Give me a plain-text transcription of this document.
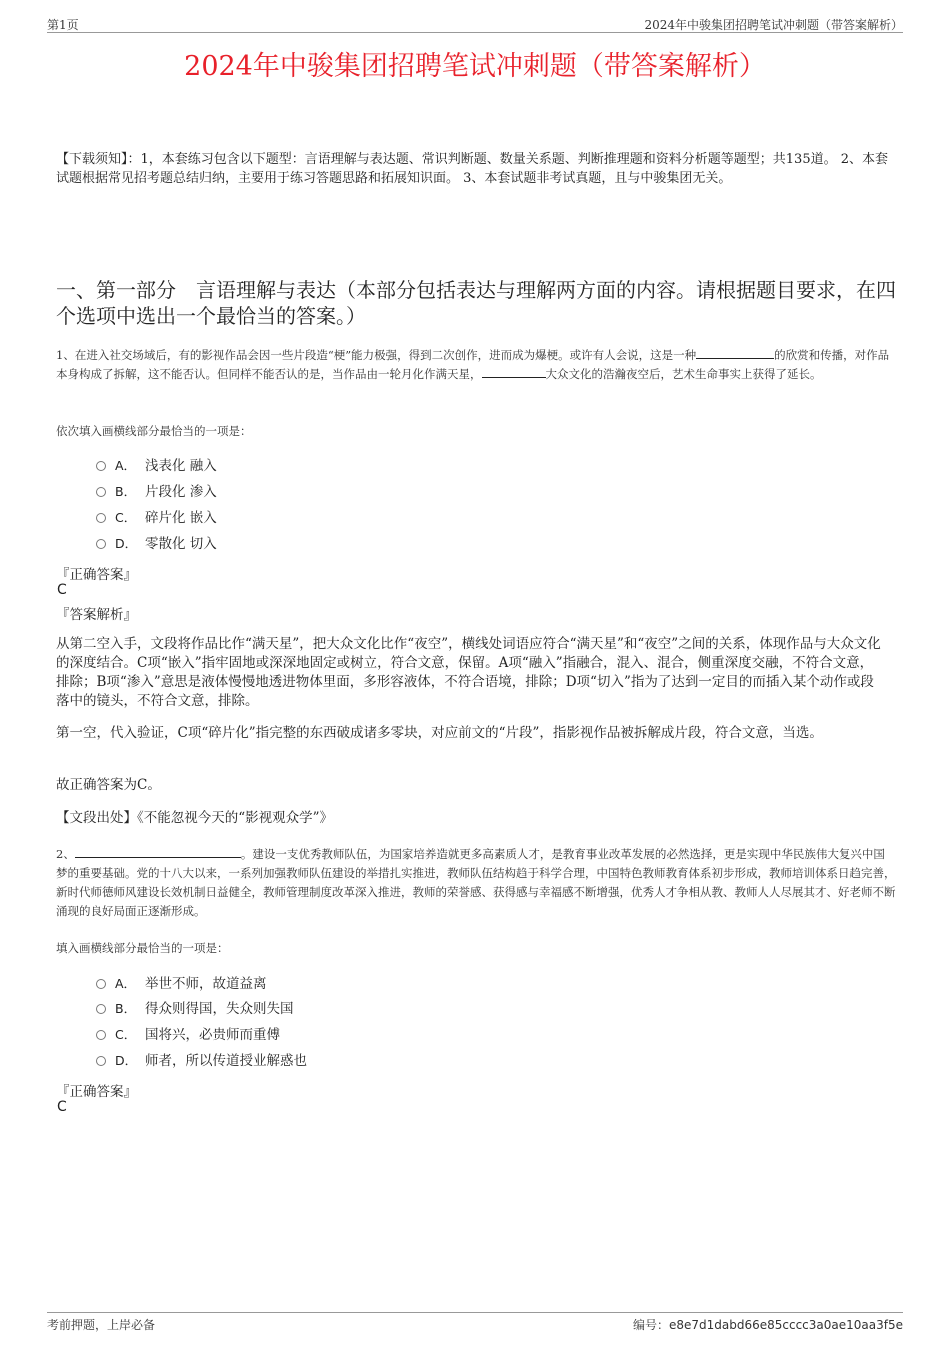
第1页	2024年中骏集团招聘笔试冲刺题（带答案解析）
2024年中骏集团招聘笔试冲刺题（带答案解析）
【下载须知】：1，本套练习包含以下题型：言语理解与表达题、常识判断题、数量关系题、判断推理题和资料分析题等题型；共135道。 2、本套试题根据常见招考题总结归纳，主要用于练习答题思路和拓展知识面。 3、本套试题非考试真题，且与中骏集团无关。
一、第一部分　言语理解与表达（本部分包括表达与理解两方面的内容。请根据题目要求，在四个选项中选出一个最恰当的答案。）
1、在进入社交场域后，有的影视作品会因一些片段造“梗”能力极强，得到二次创作，进而成为爆梗。或许有人会说，这是一种	的欣赏和传播，对作品本身构成了拆解，这不能否认。但同样不能否认的是，当作品由一轮月化作满天星，	大众文化的浩瀚夜空后，艺术生命事实上获得了延长。
依次填入画横线部分最恰当的一项是：
A． 浅表化 融入
B． 片段化 渗入
C． 碎片化 嵌入
D． 零散化 切入
『正确答案』
C
『答案解析』
从第二空入手，文段将作品比作“满天星”，把大众文化比作“夜空”，横线处词语应符合“满天星”和“夜空”之间的关系，体现作品与大众文化的深度结合。C项“嵌入”指牢固地或深深地固定或树立，符合文意，保留。A项“融入”指融合，混入、混合，侧重深度交融，不符合文意，排除；B项“渗入”意思是液体慢慢地透进物体里面，多形容液体，不符合语境，排除；D项“切入”指为了达到一定目的而插入某个动作或段落中的镜头，不符合文意，排除。
第一空，代入验证，C项“碎片化”指完整的东西破成诸多零块，对应前文的“片段”，指影视作品被拆解成片段，符合文意，当选。
故正确答案为C。
【文段出处】《不能忽视今天的“影视观众学”》
2、	。建设一支优秀教师队伍，为国家培养造就更多高素质人才，是教育事业改革发展的必然选择，更是实现中华民族伟大复兴中国梦的重要基础。党的十八大以来，一系列加强教师队伍建设的举措扎实推进，教师队伍结构趋于科学合理，中国特色教师教育体系初步形成，教师培训体系日趋完善，新时代师德师风建设长效机制日益健全，教师管理制度改革深入推进，教师的荣誉感、获得感与幸福感不断增强，优秀人才争相从教、教师人人尽展其才、好老师不断涌现的良好局面正逐渐形成。
填入画横线部分最恰当的一项是：
A． 举世不师，故道益离
B． 得众则得国，失众则失国
C． 国将兴，必贵师而重傅
D． 师者，所以传道授业解惑也
『正确答案』
C
考前押题，上岸必备	编号：e8e7d1dabd66e85cccc3a0ae10aa3f5e
